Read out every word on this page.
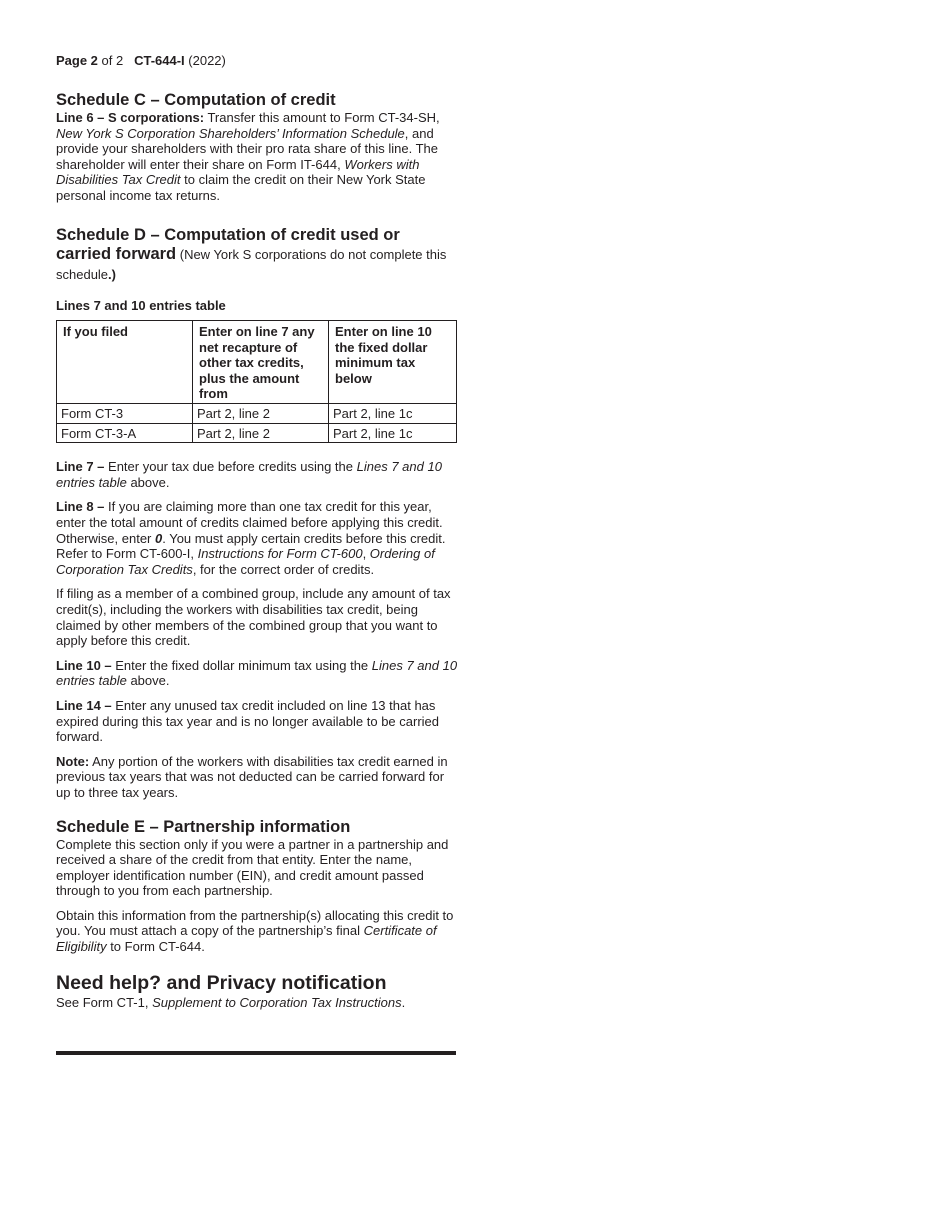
Page 2 of 2 CT-644-I (2022)
Schedule C – Computation of credit

Line 6 – S corporations: Transfer this amount to Form CT-34-SH, New York S Corporation Shareholders’ Information Schedule, and provide your shareholders with their pro rata share of this line. The shareholder will enter their share on Form IT-644, Workers with Disabilities Tax Credit to claim the credit on their New York State personal income tax returns.

Schedule D – Computation of credit used or carried forward (New York S corporations do not complete this schedule.)
Lines 7 and 10 entries table
If you filed	Enter on line 7 any net recapture of other tax credits, plus the amount from	Enter on line 10 the fixed dollar minimum tax below
Form CT-3	Part 2, line 2	Part 2, line 1c
Form CT-3-A	Part 2, line 2	Part 2, line 1c

Line 7 – Enter your tax due before credits using the Lines 7 and 10 entries table above.

Line 8 – If you are claiming more than one tax credit for this year, enter the total amount of credits claimed before applying this credit. Otherwise, enter 0. You must apply certain credits before this credit. Refer to Form CT-600-I, Instructions for Form CT-600, Ordering of Corporation Tax Credits, for the correct order of credits.

If filing as a member of a combined group, include any amount of tax credit(s), including the workers with disabilities tax credit, being claimed by other members of the combined group that you want to apply before this credit.

Line 10 – Enter the fixed dollar minimum tax using the Lines 7 and 10 entries table above.

Line 14 – Enter any unused tax credit included on line 13 that has expired during this tax year and is no longer available to be carried forward.

Note: Any portion of the workers with disabilities tax credit earned in previous tax years that was not deducted can be carried forward for up to three tax years.

Schedule E – Partnership information

Complete this section only if you were a partner in a partnership and received a share of the credit from that entity. Enter the name, employer identification number (EIN), and credit amount passed through to you from each partnership.

Obtain this information from the partnership(s) allocating this credit to you. You must attach a copy of the partnership’s final Certificate of Eligibility to Form CT-644.

Need help? and Privacy notification

See Form CT-1, Supplement to Corporation Tax Instructions.
